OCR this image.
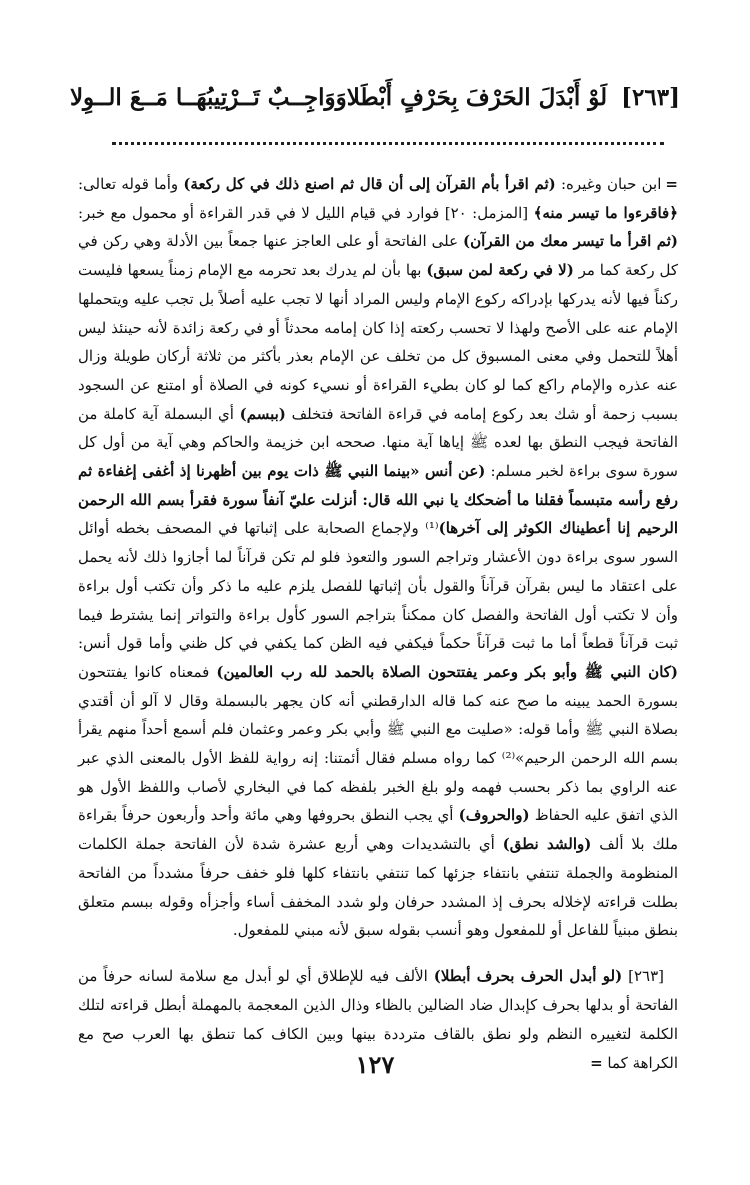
[٢٦٣] لَوْ أَبْدَلَ الحَرْفَ بِحَرْفٍ أَبْطَلا
وَوَاجِــبٌ تَــرْتِيبُهَــا مَــعَ الــوِلا

=ابن حبان وغيره: (ثم اقرأ بأم القرآن إلى أن قال ثم اصنع ذلك في كل ركعة) وأما قوله تعالى: ﴿فاقرءوا ما تيسر منه﴾ [المزمل: ٢٠] فوارد في قيام الليل لا في قدر القراءة أو محمول مع خبر: (ثم اقرأ ما تيسر معك من القرآن) على الفاتحة أو على العاجز عنها جمعاً بين الأدلة وهي ركن في كل ركعة كما مر (لا في ركعة لمن سبق) بها بأن لم يدرك بعد تحرمه مع الإمام زمناً يسعها فليست ركناً فيها لأنه يدركها بإدراكه ركوع الإمام وليس المراد أنها لا تجب عليه أصلاً بل تجب عليه ويتحملها الإمام عنه على الأصح ولهذا لا تحسب ركعته إذا كان إمامه محدثاً أو في ركعة زائدة لأنه حينئذ ليس أهلاً للتحمل وفي معنى المسبوق كل من تخلف عن الإمام بعذر بأكثر من ثلاثة أركان طويلة وزال عنه عذره والإمام راكع كما لو كان بطيء القراءة أو نسيء كونه في الصلاة أو امتنع عن السجود بسبب زحمة أو شك بعد ركوع إمامه في قراءة الفاتحة فتخلف (ببسم) أي البسملة آية كاملة من الفاتحة فيجب النطق بها لعده ﷺ إياها آية منها. صححه ابن خزيمة والحاكم وهي آية من أول كل سورة سوى براءة لخبر مسلم: (عن أنس «بينما النبي ﷺ ذات يوم بين أظهرنا إذ أغفى إغفاءة ثم رفع رأسه متبسماً فقلنا ما أضحكك يا نبي الله قال: أنزلت عليّ آنفاً سورة فقرأ بسم الله الرحمن الرحيم إنا أعطيناك الكوثر إلى آخرها)⁽¹⁾ ولإجماع الصحابة على إثباتها في المصحف بخطه أوائل السور سوى براءة دون الأعشار وتراجم السور والتعوذ فلو لم تكن قرآناً لما أجازوا ذلك لأنه يحمل على اعتقاد ما ليس بقرآن قرآناً والقول بأن إثباتها للفصل يلزم عليه ما ذكر وأن تكتب أول براءة وأن لا تكتب أول الفاتحة والفصل كان ممكناً بتراجم السور كأول براءة والتواتر إنما يشترط فيما ثبت قرآناً قطعاً أما ما ثبت قرآناً حكماً فيكفي فيه الظن كما يكفي في كل ظني وأما قول أنس: (كان النبي ﷺ وأبو بكر وعمر يفتتحون الصلاة بالحمد لله رب العالمين) فمعناه كانوا يفتتحون بسورة الحمد يبينه ما صح عنه كما قاله الدارقطني أنه كان يجهر بالبسملة وقال لا آلو أن أقتدي بصلاة النبي ﷺ وأما قوله: «صليت مع النبي ﷺ وأبي بكر وعمر وعثمان فلم أسمع أحداً منهم يقرأ بسم الله الرحمن الرحيم»⁽²⁾ كما رواه مسلم فقال أئمتنا: إنه رواية للفظ الأول بالمعنى الذي عبر عنه الراوي بما ذكر بحسب فهمه ولو بلغ الخبر بلفظه كما في البخاري لأصاب واللفظ الأول هو الذي اتفق عليه الحفاظ (والحروف) أي يجب النطق بحروفها وهي مائة وأحد وأربعون حرفاً بقراءة ملك بلا ألف (والشد نطق) أي بالتشديدات وهي أربع عشرة شدة لأن الفاتحة جملة الكلمات المنظومة والجملة تنتفي بانتفاء جزئها كما تنتفي بانتفاء كلها فلو خفف حرفاً مشدداً من الفاتحة بطلت قراءته لإخلاله بحرف إذ المشدد حرفان ولو شدد المخفف أساء وأجزأه وقوله ببسم متعلق بنطق مبنياً للفاعل أو للمفعول وهو أنسب بقوله سبق لأنه مبني للمفعول.

[٢٦٣] (لو أبدل الحرف بحرف أبطلا) الألف فيه للإطلاق أي لو أبدل مع سلامة لسانه حرفاً من الفاتحة أو بدلها بحرف كإبدال ضاد الضالين بالظاء وذال الذين المعجمة بالمهملة أبطل قراءته لتلك الكلمة لتغييره النظم ولو نطق بالقاف مترددة بينها وبين الكاف كما تنطق بها العرب صح مع الكراهة كما =

١٢٧
